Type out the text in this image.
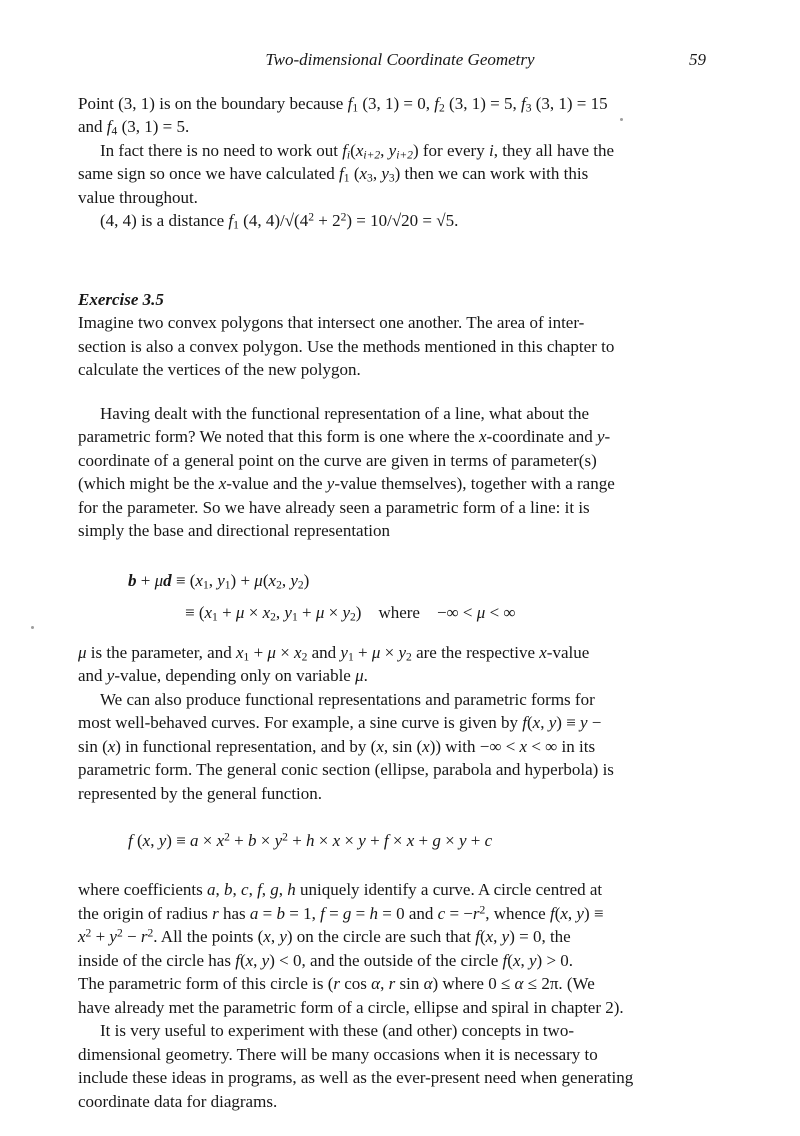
Two-dimensional Coordinate Geometry	59
Point (3, 1) is on the boundary because $f_1$ (3, 1) = 0, $f_2$ (3, 1) = 5, $f_3$ (3, 1) = 15
and $f_4$ (3, 1) = 5.
In fact there is no need to work out $f_i(x_{i+2}$, $y_{i+2}$) for every i, they all have the
same sign so once we have calculated $f_1$ ($x_3$, $y_3$) then we can work with this
value throughout.
(4, 4) is a distance $f_1$ (4, $4)/√(4^2 + 2^2) = 10/√20 = √5$.
Exercise 3.5
Imagine two convex polygons that intersect one another. The area of inter-
section is also a convex polygon. Use the methods mentioned in this chapter to
calculate the vertices of the new polygon.
Having dealt with the functional representation of a line, what about the
parametric form? We noted that this form is one where the x-coordinate and y-
coordinate of a general point on the curve are given in terms of parameter(s)
(which might be the x-value and the y-value themselves), together with a range
for the parameter. So we have already seen a parametric form of a line: it is
simply the base and directional representation
$b + \mu d \equiv (x_1$, $y_1) + \mu(x_2$, $y_2$)
≡ ($x_1 + \mu \times x_2$, $y_1 + \mu \times y_2$) where −∞ < μ < ∞
μ is the parameter, and $x_1 + \mu \times x_2$ and $y_1 + \mu \times y_2$ are the respective x-value
and y-value, depending only on variable μ.
We can also produce functional representations and parametric forms for
most well-behaved curves. For example, a sine curve is given by f(x, y) ≡ y −
sin (x) in functional representation, and by (x, sin (x)) with −∞ < x < ∞ in its
parametric form. The general conic section (ellipse, parabola and hyperbola) is
represented by the general function.
f (x, $y) \equiv a \times x^2 + b \times y^2 + h \times x \times y + f \times x + g \times y + c$
where coefficients a, b, c, f, g, h uniquely identify a curve. A circle centred at
the origin of radius r has a = b = 1, f = g = h = 0 and $c = -r^2$, whence f(x, y) ≡
$x^2 + y^2 - r^2$. All the points (x, y) on the circle are such that f(x, y) = 0, the
inside of the circle has f(x, y) < 0, and the outside of the circle f(x, y) > 0.
The parametric form of this circle is (r cos α, r sin α) where 0 ≤ α ≤ 2π. (We
have already met the parametric form of a circle, ellipse and spiral in chapter 2).
It is very useful to experiment with these (and other) concepts in two-
dimensional geometry. There will be many occasions when it is necessary to
include these ideas in programs, as well as the ever-present need when generating
coordinate data for diagrams.
